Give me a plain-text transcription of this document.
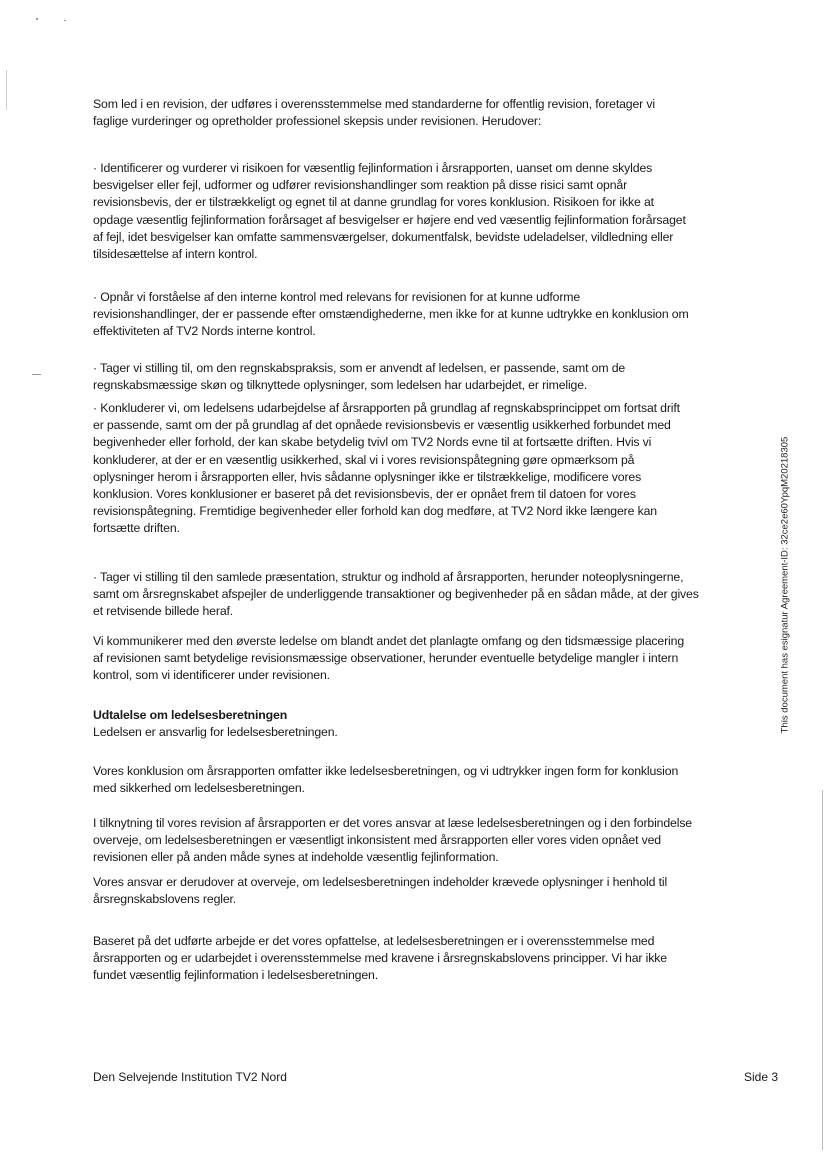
Som led i en revision, der udføres i overensstemmelse med standarderne for offentlig revision, foretager vi
faglige vurderinger og opretholder professionel skepsis under revisionen. Herudover:
· Identificerer og vurderer vi risikoen for væsentlig fejlinformation i årsrapporten, uanset om denne skyldes
besvigelser eller fejl, udformer og udfører revisionshandlinger som reaktion på disse risici samt opnår
revisionsbevis, der er tilstrækkeligt og egnet til at danne grundlag for vores konklusion. Risikoen for ikke at
opdage væsentlig fejlinformation forårsaget af besvigelser er højere end ved væsentlig fejlinformation forårsaget
af fejl, idet besvigelser kan omfatte sammensværgelser, dokumentfalsk, bevidste udeladelser, vildledning eller
tilsidesættelse af intern kontrol.
· Opnår vi forståelse af den interne kontrol med relevans for revisionen for at kunne udforme
revisionshandlinger, der er passende efter omstændighederne, men ikke for at kunne udtrykke en konklusion om
effektiviteten af TV2 Nords interne kontrol.
· Tager vi stilling til, om den regnskabspraksis, som er anvendt af ledelsen, er passende, samt om de
regnskabsmæssige skøn og tilknyttede oplysninger, som ledelsen har udarbejdet, er rimelige.
· Konkluderer vi, om ledelsens udarbejdelse af årsrapporten på grundlag af regnskabsprincippet om fortsat drift
er passende, samt om der på grundlag af det opnåede revisionsbevis er væsentlig usikkerhed forbundet med
begivenheder eller forhold, der kan skabe betydelig tvivl om TV2 Nords evne til at fortsætte driften. Hvis vi
konkluderer, at der er en væsentlig usikkerhed, skal vi i vores revisionspåtegning gøre opmærksom på
oplysninger herom i årsrapporten eller, hvis sådanne oplysninger ikke er tilstrækkelige, modificere vores
konklusion. Vores konklusioner er baseret på det revisionsbevis, der er opnået frem til datoen for vores
revisionspåtegning. Fremtidige begivenheder eller forhold kan dog medføre, at TV2 Nord ikke længere kan
fortsætte driften.
· Tager vi stilling til den samlede præsentation, struktur og indhold af årsrapporten, herunder noteoplysningerne,
samt om årsregnskabet afspejler de underliggende transaktioner og begivenheder på en sådan måde, at der gives
et retvisende billede heraf.
Vi kommunikerer med den øverste ledelse om blandt andet det planlagte omfang og den tidsmæssige placering
af revisionen samt betydelige revisionsmæssige observationer, herunder eventuelle betydelige mangler i intern
kontrol, som vi identificerer under revisionen.
Udtalelse om ledelsesberetningen
Ledelsen er ansvarlig for ledelsesberetningen.
Vores konklusion om årsrapporten omfatter ikke ledelsesberetningen, og vi udtrykker ingen form for konklusion
med sikkerhed om ledelsesberetningen.
I tilknytning til vores revision af årsrapporten er det vores ansvar at læse ledelsesberetningen og i den forbindelse
overveje, om ledelsesberetningen er væsentligt inkonsistent med årsrapporten eller vores viden opnået ved
revisionen eller på anden måde synes at indeholde væsentlig fejlinformation.
Vores ansvar er derudover at overveje, om ledelsesberetningen indeholder krævede oplysninger i henhold til
årsregnskabslovens regler.
Baseret på det udførte arbejde er det vores opfattelse, at ledelsesberetningen er i overensstemmelse med
årsrapporten og er udarbejdet i overensstemmelse med kravene i årsregnskabslovens principper. Vi har ikke
fundet væsentlig fejlinformation i ledelsesberetningen.
Den Selvejende Institution TV2 Nord	Side 3
This document has esignatur Agreement-ID: 32ce2e60YpqM20218305
